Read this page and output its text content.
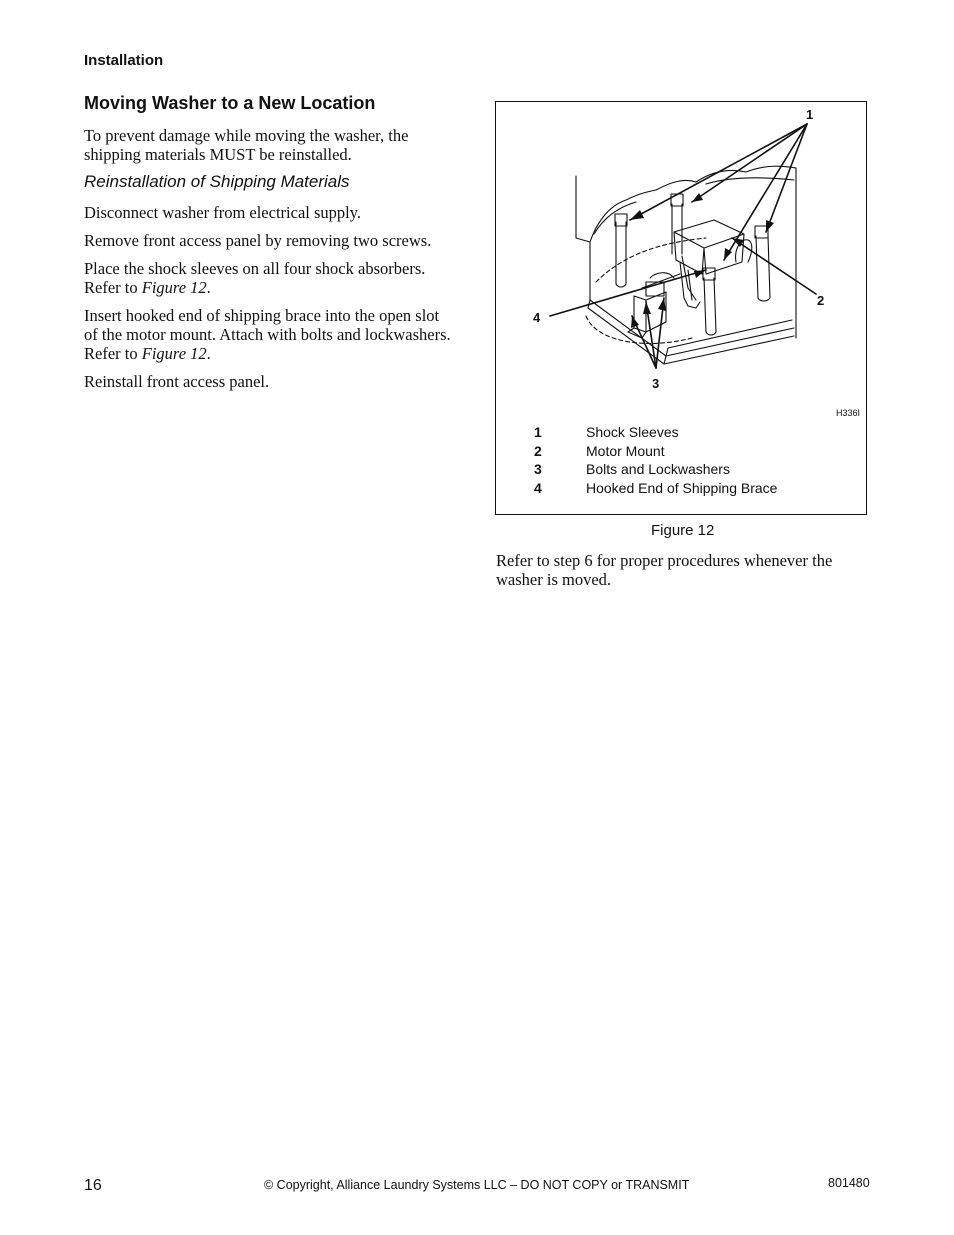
Installation
Moving Washer to a New Location

To prevent damage while moving the washer, the

shipping materials MUST be reinstalled.

Reinstallation of Shipping Materials

Disconnect washer from electrical supply.

Remove front access panel by removing two screws.

Place the shock sleeves on all four shock absorbers.

Refer to Figure 12.

Insert hooked end of shipping brace into the open slot

of the motor mount. Attach with bolts and lockwashers.

Refer to Figure 12.

Reinstall front access panel.

1
2
3
4
H336I
1	Shock Sleeves
2	Motor Mount
3	Bolts and Lockwashers
4	Hooked End of Shipping Brace
Figure 12
Refer to step 6 for proper procedures whenever the
washer is moved.
16	© Copyright, Alliance Laundry Systems LLC – DO NOT COPY or TRANSMIT	801480
